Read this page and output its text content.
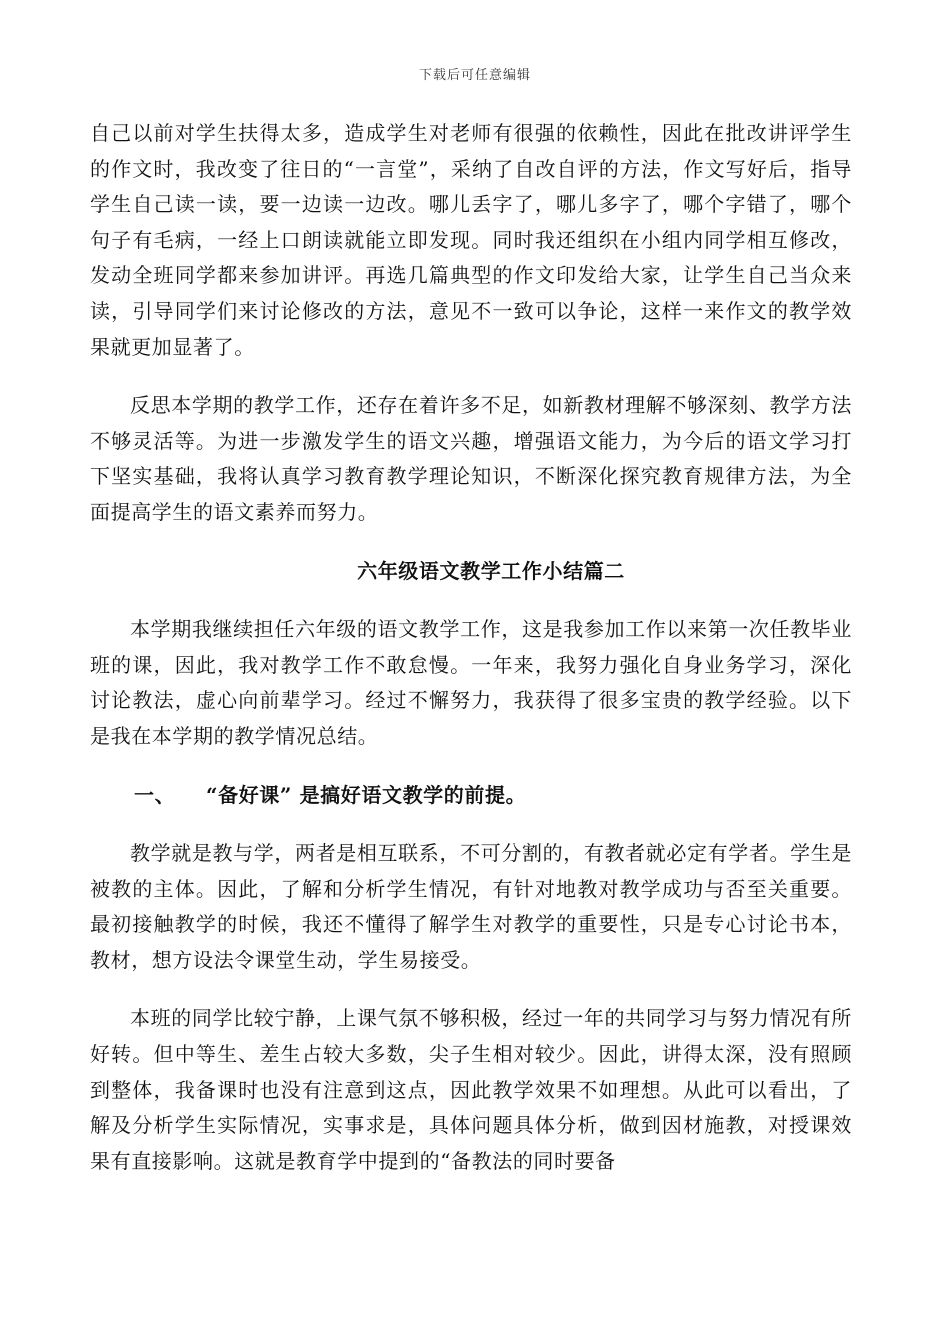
下载后可任意编辑

自己以前对学生扶得太多，造成学生对老师有很强的依赖性，因此在批改讲评学生的作文时，我改变了往日的“一言堂”，采纳了自改自评的方法，作文写好后，指导学生自己读一读，要一边读一边改。哪儿丢字了，哪儿多字了，哪个字错了，哪个句子有毛病，一经上口朗读就能立即发现。同时我还组织在小组内同学相互修改，发动全班同学都来参加讲评。再选几篇典型的作文印发给大家，让学生自己当众来读，引导同学们来讨论修改的方法，意见不一致可以争论，这样一来作文的教学效果就更加显著了。

反思本学期的教学工作，还存在着许多不足，如新教材理解不够深刻、教学方法不够灵活等。为进一步激发学生的语文兴趣，增强语文能力，为今后的语文学习打下坚实基础，我将认真学习教育教学理论知识，不断深化探究教育规律方法，为全面提高学生的语文素养而努力。

六年级语文教学工作小结篇二

本学期我继续担任六年级的语文教学工作，这是我参加工作以来第一次任教毕业班的课，因此，我对教学工作不敢怠慢。一年来，我努力强化自身业务学习，深化讨论教法，虚心向前辈学习。经过不懈努力，我获得了很多宝贵的教学经验。以下是我在本学期的教学情况总结。

一、 “备好课” 是搞好语文教学的前提。

教学就是教与学，两者是相互联系，不可分割的，有教者就必定有学者。学生是被教的主体。因此，了解和分析学生情况，有针对地教对教学成功与否至关重要。最初接触教学的时候，我还不懂得了解学生对教学的重要性，只是专心讨论书本，教材，想方设法令课堂生动，学生易接受。

本班的同学比较宁静，上课气氛不够积极，经过一年的共同学习与努力情况有所好转。但中等生、差生占较大多数，尖子生相对较少。因此，讲得太深，没有照顾到整体，我备课时也没有注意到这点，因此教学效果不如理想。从此可以看出，了解及分析学生实际情况，实事求是，具体问题具体分析，做到因材施教，对授课效果有直接影响。这就是教育学中提到的“备教法的同时要备
